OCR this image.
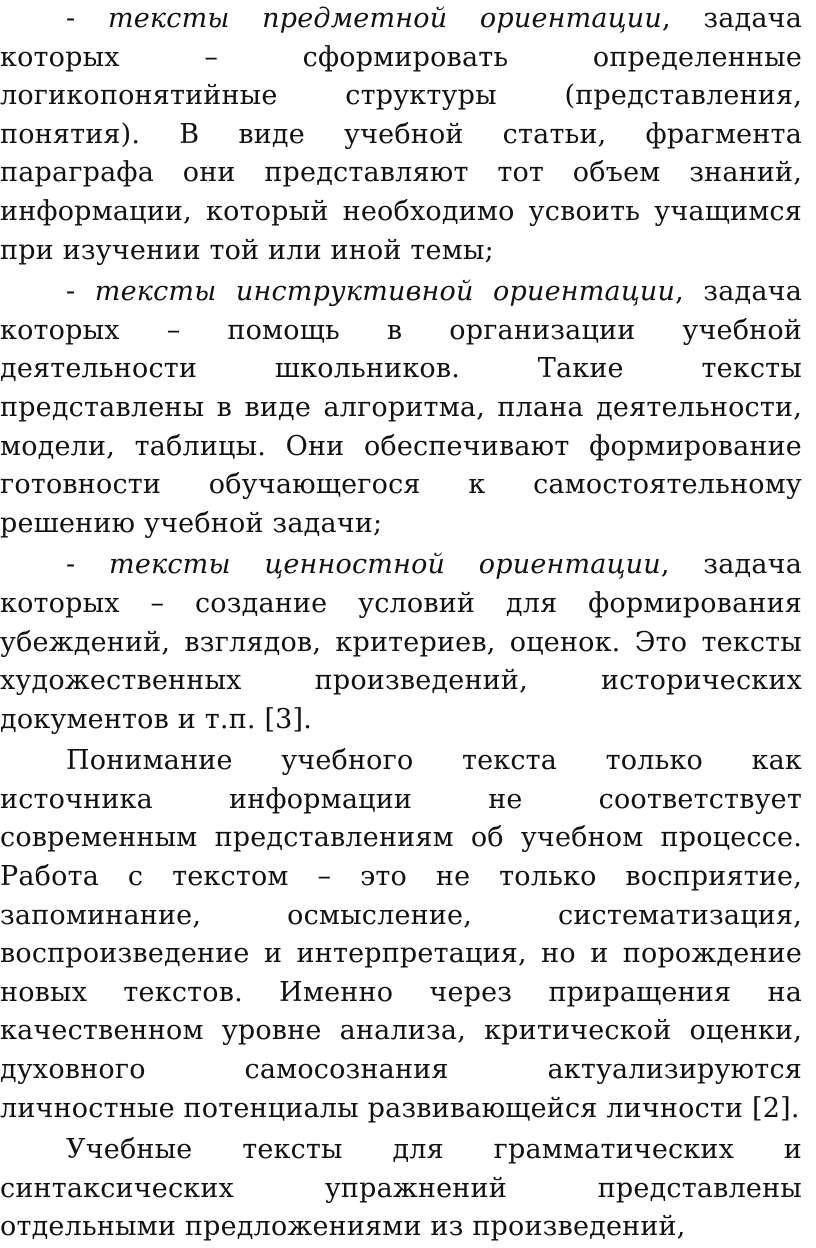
- тексты предметной ориентации, задача которых – сформировать определенные логикопонятийные структуры (представления, понятия). В виде учебной статьи, фрагмента параграфа они представляют тот объем знаний, информации, который необходимо усвоить учащимся при изучении той или иной темы;

- тексты инструктивной ориентации, задача которых – помощь в организации учебной деятельности школьников. Такие тексты представлены в виде алгоритма, плана деятельности, модели, таблицы. Они обеспечивают формирование готовности обучающегося к самостоятельному решению учебной задачи;

- тексты ценностной ориентации, задача которых – создание условий для формирования убеждений, взглядов, критериев, оценок. Это тексты художественных произведений, исторических документов и т.п. [3].

Понимание учебного текста только как источника информации не соответствует современным представлениям об учебном процессе. Работа с текстом – это не только восприятие, запоминание, осмысление, систематизация, воспроизведение и интерпретация, но и порождение новых текстов. Именно через приращения на качественном уровне анализа, критической оценки, духовного самосознания актуализируются личностные потенциалы развивающейся личности [2].

Учебные тексты для грамматических и синтаксических упражнений представлены отдельными предложениями из произведений,
